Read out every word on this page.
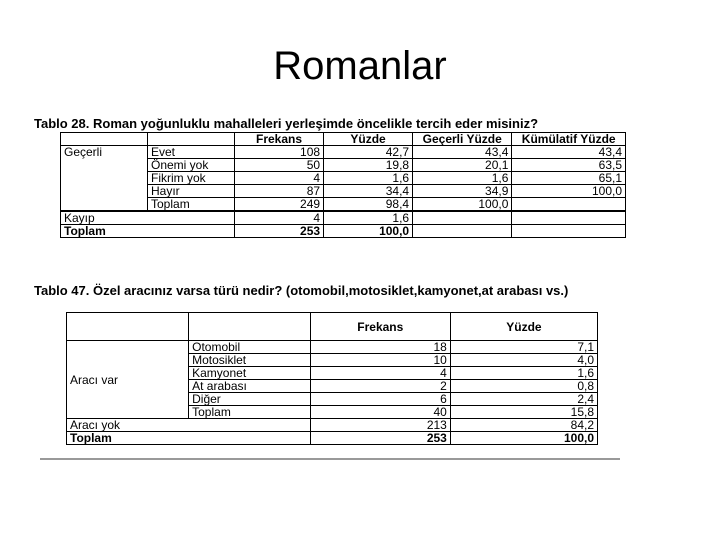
Romanlar
Tablo 28. Roman yoğunluklu mahalleleri yerleşimde öncelikle tercih eder misiniz?
		Frekans	Yüzde	Geçerli Yüzde	Kümülatif Yüzde
Geçerli	Evet	108	42,7	43,4	43,4
	Önemi yok	50	19,8	20,1	63,5
	Fikrim yok	4	1,6	1,6	65,1
	Hayır	87	34,4	34,9	100,0
	Toplam	249	98,4	100,0	
Kayıp		4	1,6		
Toplam		253	100,0		
Tablo 47. Özel aracınız varsa türü nedir? (otomobil,motosiklet,kamyonet,at arabası vs.)
		Frekans	Yüzde
Aracı var	Otomobil	18	7,1
	Motosiklet	10	4,0
	Kamyonet	4	1,6
	At arabası	2	0,8
	Diğer	6	2,4
	Toplam	40	15,8
Aracı yok		213	84,2
Toplam		253	100,0
